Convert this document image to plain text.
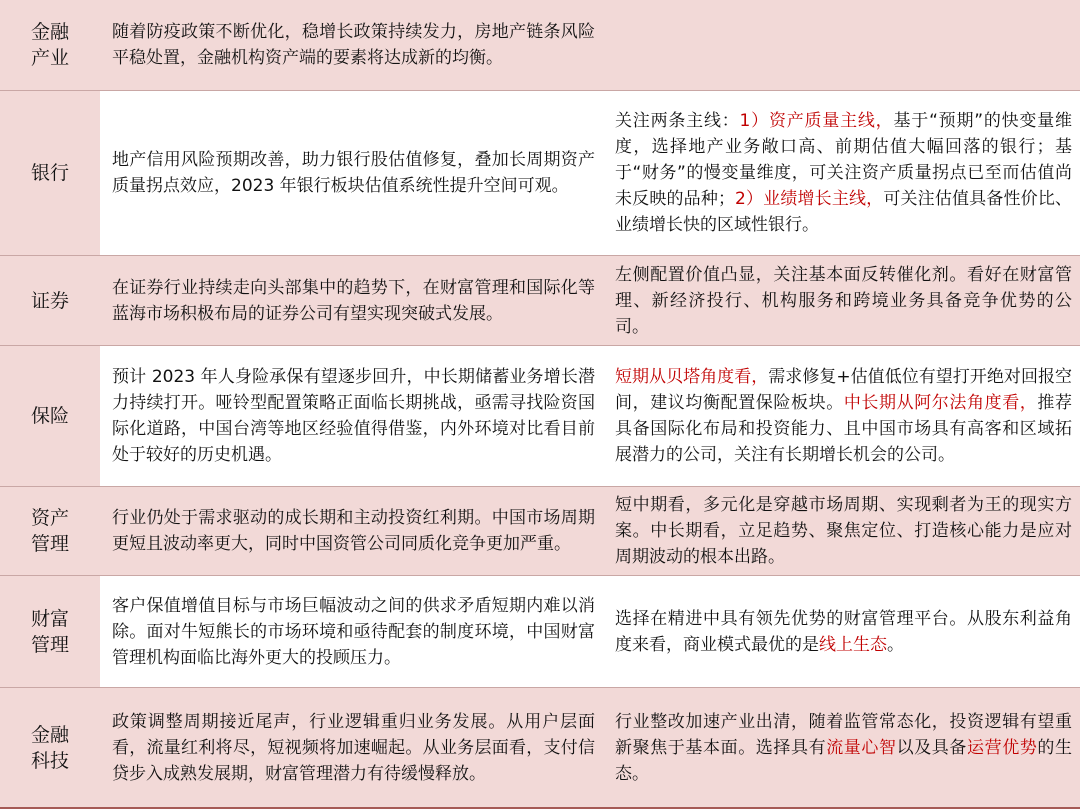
金融
产业
随着防疫政策不断优化，稳增长政策持续发力，房地产链条风险平稳处置，金融机构资产端的要素将达成新的均衡。
银行
地产信用风险预期改善，助力银行股估值修复，叠加长周期资产质量拐点效应，2023 年银行板块估值系统性提升空间可观。
关注两条主线：1）资产质量主线，基于“预期”的快变量维度，选择地产业务敞口高、前期估值大幅回落的银行；基于“财务”的慢变量维度，可关注资产质量拐点已至而估值尚未反映的品种；2）业绩增长主线，可关注估值具备性价比、业绩增长快的区域性银行。
证券
在证券行业持续走向头部集中的趋势下，在财富管理和国际化等蓝海市场积极布局的证券公司有望实现突破式发展。
左侧配置价值凸显，关注基本面反转催化剂。看好在财富管理、新经济投行、机构服务和跨境业务具备竞争优势的公司。
保险
预计 2023 年人身险承保有望逐步回升，中长期储蓄业务增长潜力持续打开。哑铃型配置策略正面临长期挑战，亟需寻找险资国际化道路，中国台湾等地区经验值得借鉴，内外环境对比看目前处于较好的历史机遇。
短期从贝塔角度看，需求修复+估值低位有望打开绝对回报空间，建议均衡配置保险板块。中长期从阿尔法角度看，推荐具备国际化布局和投资能力、且中国市场具有高客和区域拓展潜力的公司，关注有长期增长机会的公司。
资产
管理
行业仍处于需求驱动的成长期和主动投资红利期。中国市场周期更短且波动率更大，同时中国资管公司同质化竞争更加严重。
短中期看，多元化是穿越市场周期、实现剩者为王的现实方案。中长期看，立足趋势、聚焦定位、打造核心能力是应对周期波动的根本出路。
财富
管理
客户保值增值目标与市场巨幅波动之间的供求矛盾短期内难以消除。面对牛短熊长的市场环境和亟待配套的制度环境，中国财富管理机构面临比海外更大的投顾压力。
选择在精进中具有领先优势的财富管理平台。从股东利益角度来看，商业模式最优的是线上生态。
金融
科技
政策调整周期接近尾声，行业逻辑重归业务发展。从用户层面看，流量红利将尽，短视频将加速崛起。从业务层面看，支付信贷步入成熟发展期，财富管理潜力有待缓慢释放。
行业整改加速产业出清，随着监管常态化，投资逻辑有望重新聚焦于基本面。选择具有流量心智以及具备运营优势的生态。
